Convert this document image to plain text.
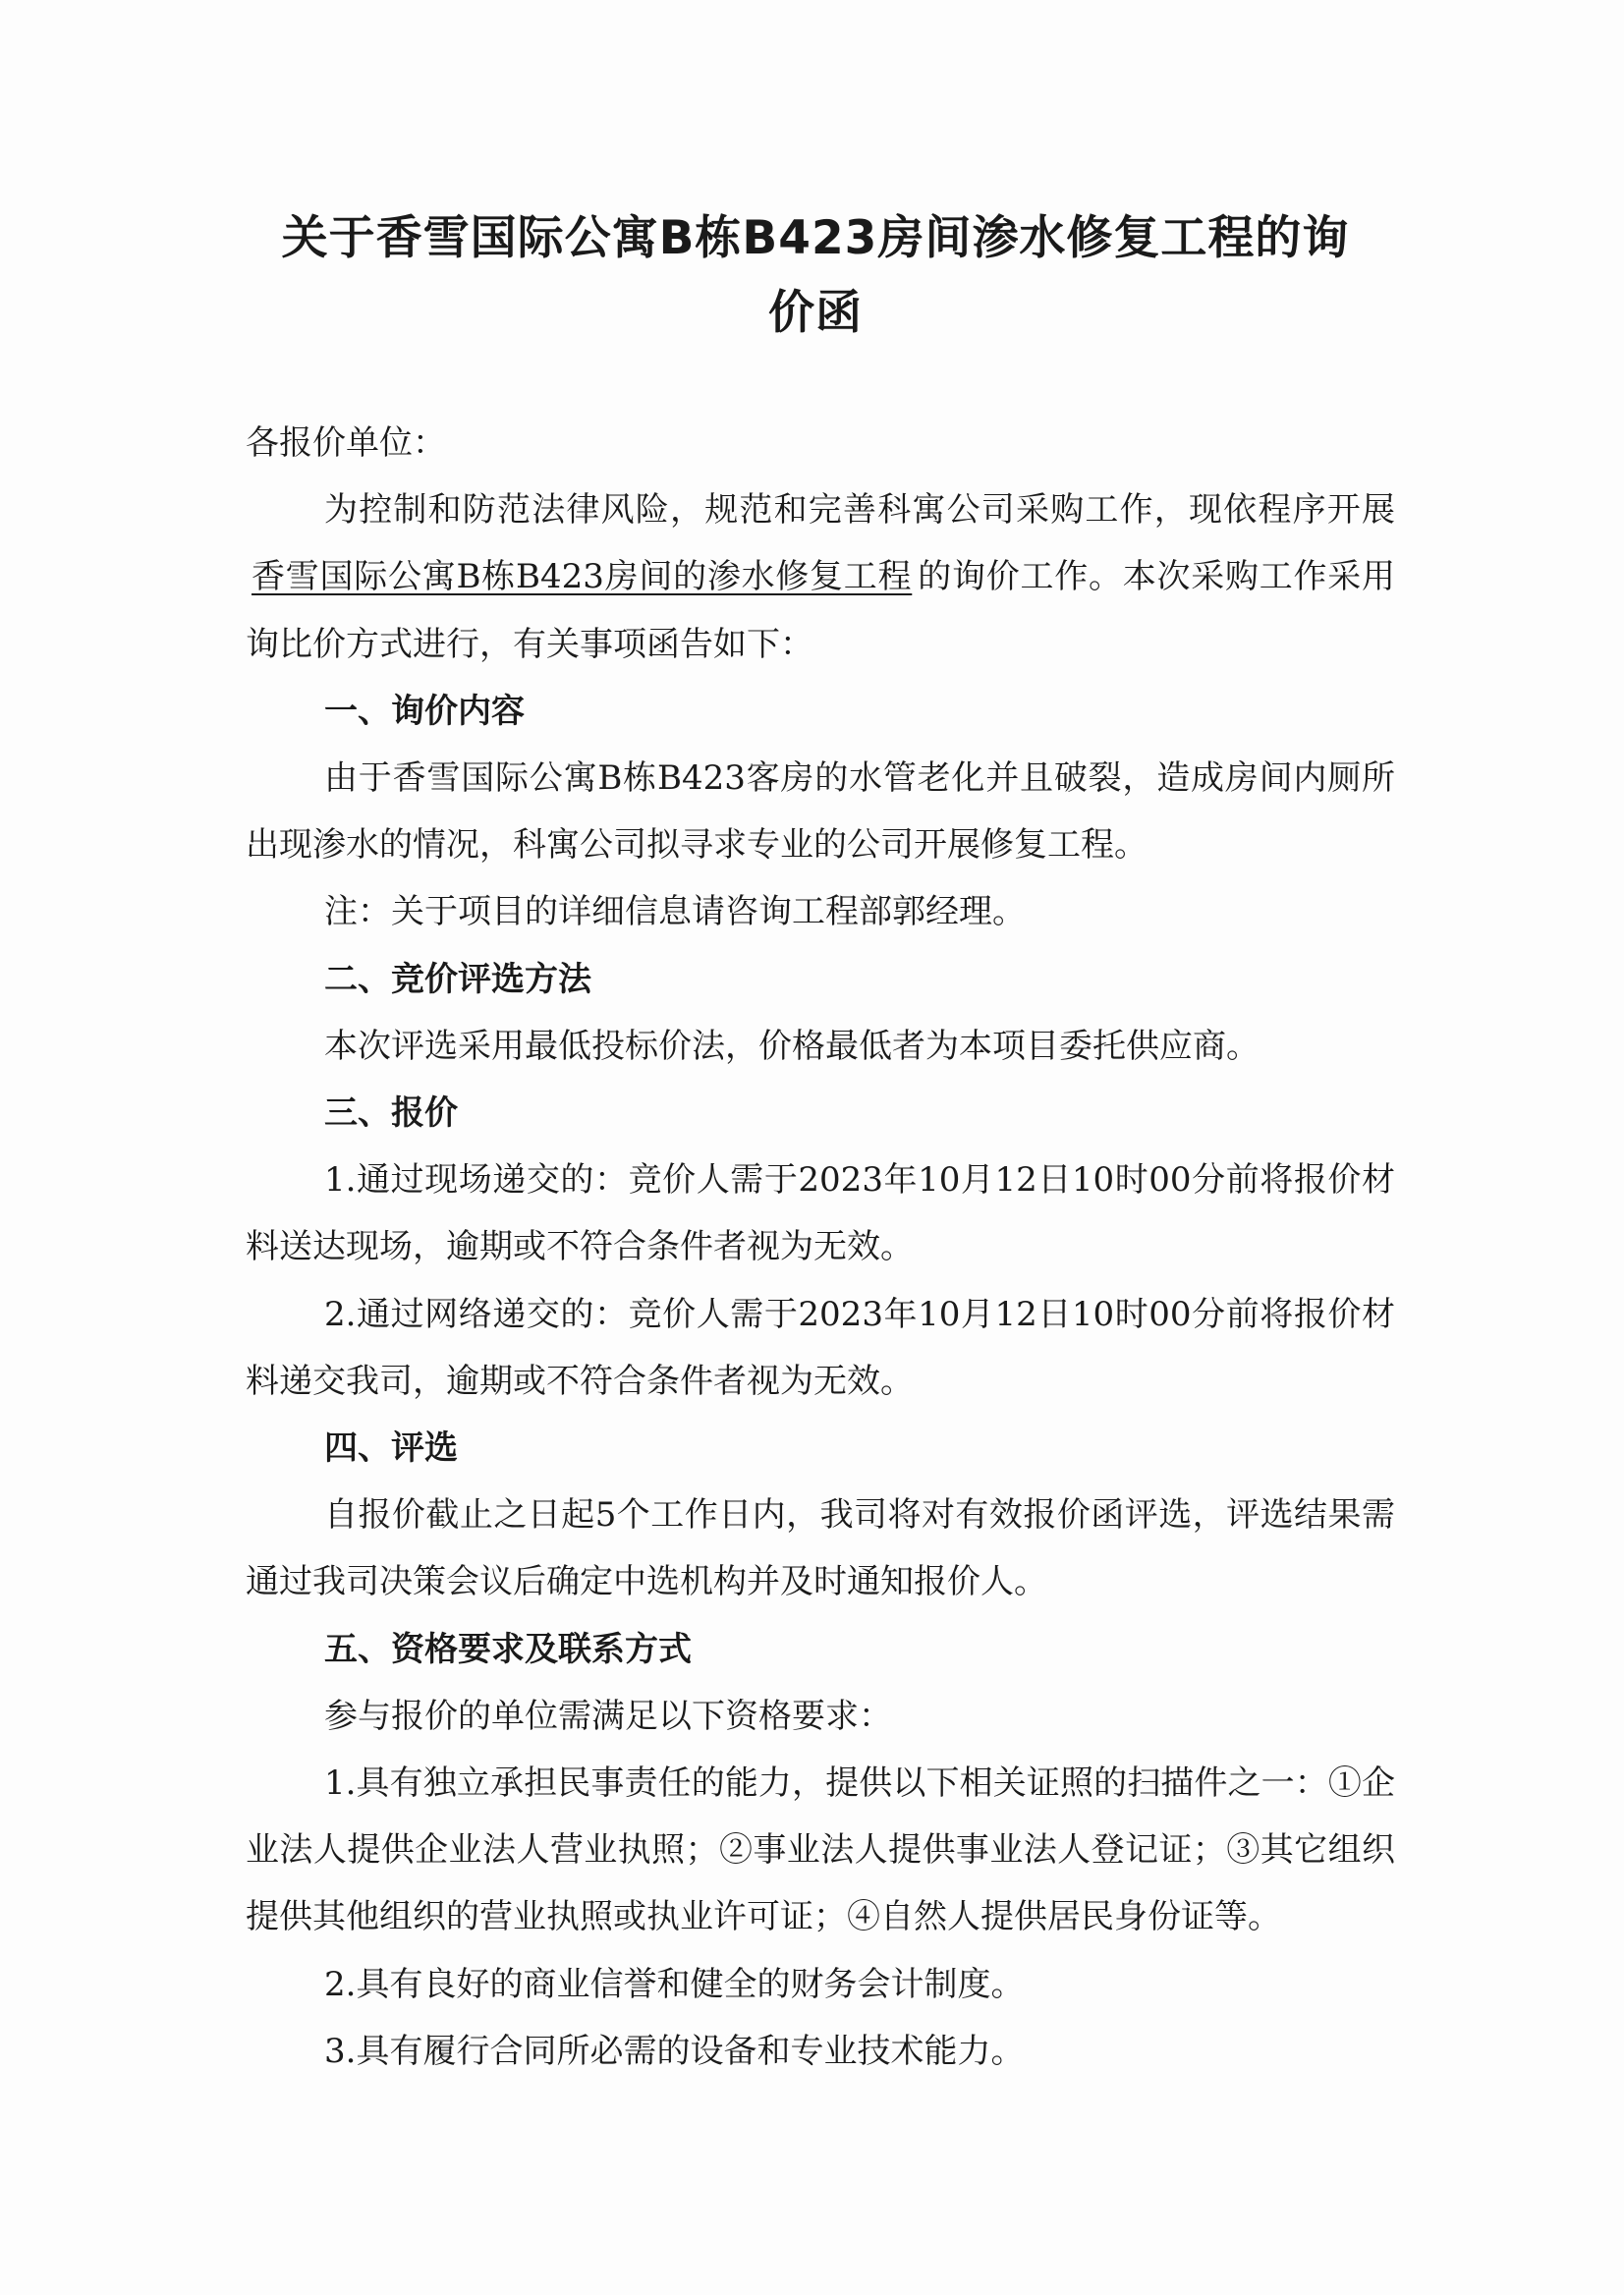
关于香雪国际公寓B栋B423房间渗水修复工程的询
价函

各报价单位：

为控制和防范法律风险，规范和完善科寓公司采购工作，现依程序开展香雪国际公寓B栋B423房间的渗水修复工程 的询价工作。本次采购工作采用询比价方式进行，有关事项函告如下：

一、询价内容

由于香雪国际公寓B栋B423客房的水管老化并且破裂，造成房间内厕所出现渗水的情况，科寓公司拟寻求专业的公司开展修复工程。

注：关于项目的详细信息请咨询工程部郭经理。

二、竞价评选方法

本次评选采用最低投标价法，价格最低者为本项目委托供应商。

三、报价

1.通过现场递交的：竞价人需于2023年10月12日10时00分前将报价材料送达现场，逾期或不符合条件者视为无效。

2.通过网络递交的：竞价人需于2023年10月12日10时00分前将报价材料递交我司，逾期或不符合条件者视为无效。

四、评选

自报价截止之日起5个工作日内，我司将对有效报价函评选，评选结果需通过我司决策会议后确定中选机构并及时通知报价人。

五、资格要求及联系方式

参与报价的单位需满足以下资格要求：

1.具有独立承担民事责任的能力，提供以下相关证照的扫描件之一：①企业法人提供企业法人营业执照；②事业法人提供事业法人登记证；③其它组织提供其他组织的营业执照或执业许可证；④自然人提供居民身份证等。

2.具有良好的商业信誉和健全的财务会计制度。

3.具有履行合同所必需的设备和专业技术能力。
